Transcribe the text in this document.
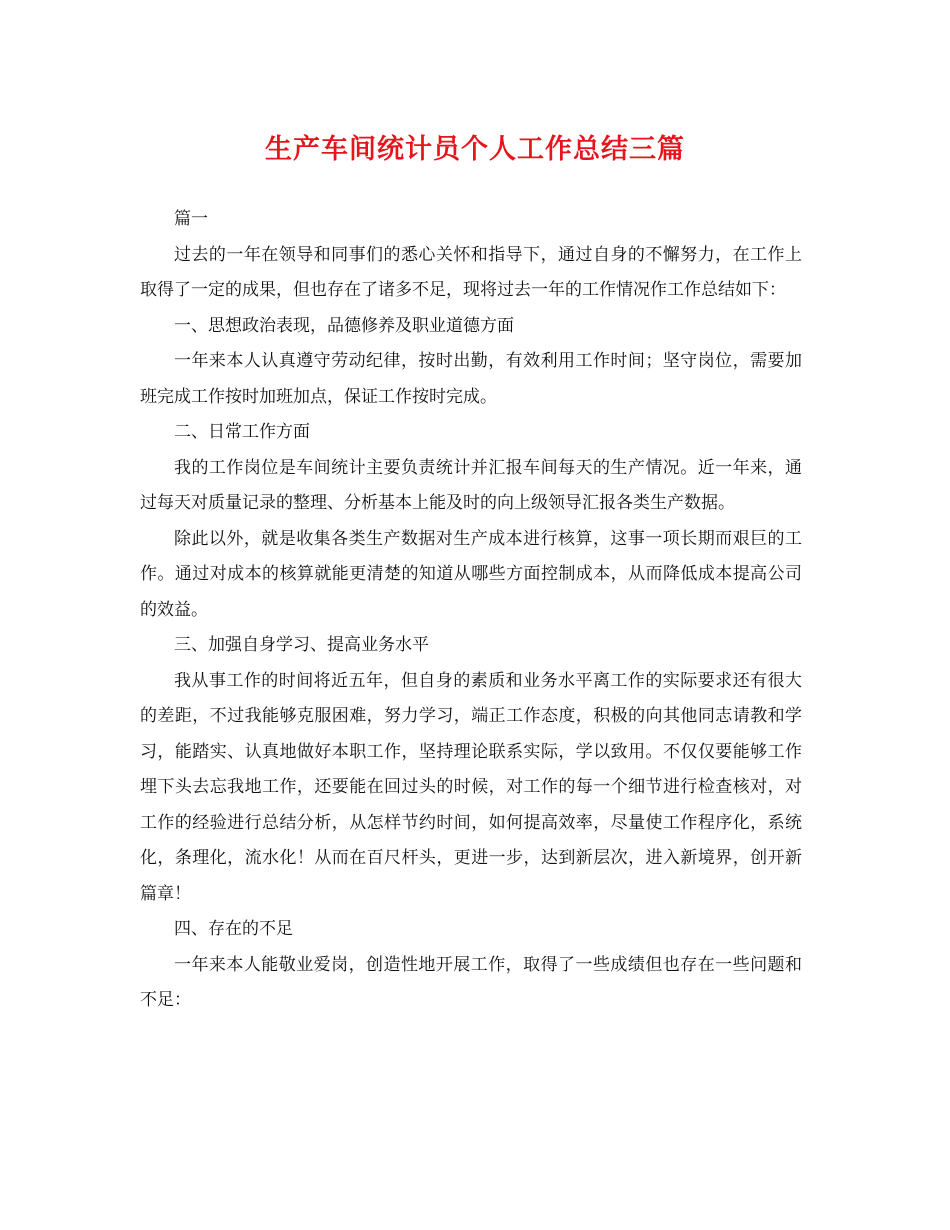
生产车间统计员个人工作总结三篇

篇一

过去的一年在领导和同事们的悉心关怀和指导下，通过自身的不懈努力，在工作上取得了一定的成果，但也存在了诸多不足，现将过去一年的工作情况作工作总结如下：

一、思想政治表现，品德修养及职业道德方面

一年来本人认真遵守劳动纪律，按时出勤，有效利用工作时间；坚守岗位，需要加班完成工作按时加班加点，保证工作按时完成。

二、日常工作方面

我的工作岗位是车间统计主要负责统计并汇报车间每天的生产情况。近一年来，通过每天对质量记录的整理、分析基本上能及时的向上级领导汇报各类生产数据。

除此以外，就是收集各类生产数据对生产成本进行核算，这事一项长期而艰巨的工作。通过对成本的核算就能更清楚的知道从哪些方面控制成本，从而降低成本提高公司的效益。

三、加强自身学习、提高业务水平

我从事工作的时间将近五年，但自身的素质和业务水平离工作的实际要求还有很大的差距，不过我能够克服困难，努力学习，端正工作态度，积极的向其他同志请教和学习，能踏实、认真地做好本职工作，坚持理论联系实际，学以致用。不仅仅要能够工作埋下头去忘我地工作，还要能在回过头的时候，对工作的每一个细节进行检查核对，对工作的经验进行总结分析，从怎样节约时间，如何提高效率，尽量使工作程序化，系统化，条理化，流水化！从而在百尺杆头，更进一步，达到新层次，进入新境界，创开新篇章！

四、存在的不足

一年来本人能敬业爱岗，创造性地开展工作，取得了一些成绩但也存在一些问题和不足：
